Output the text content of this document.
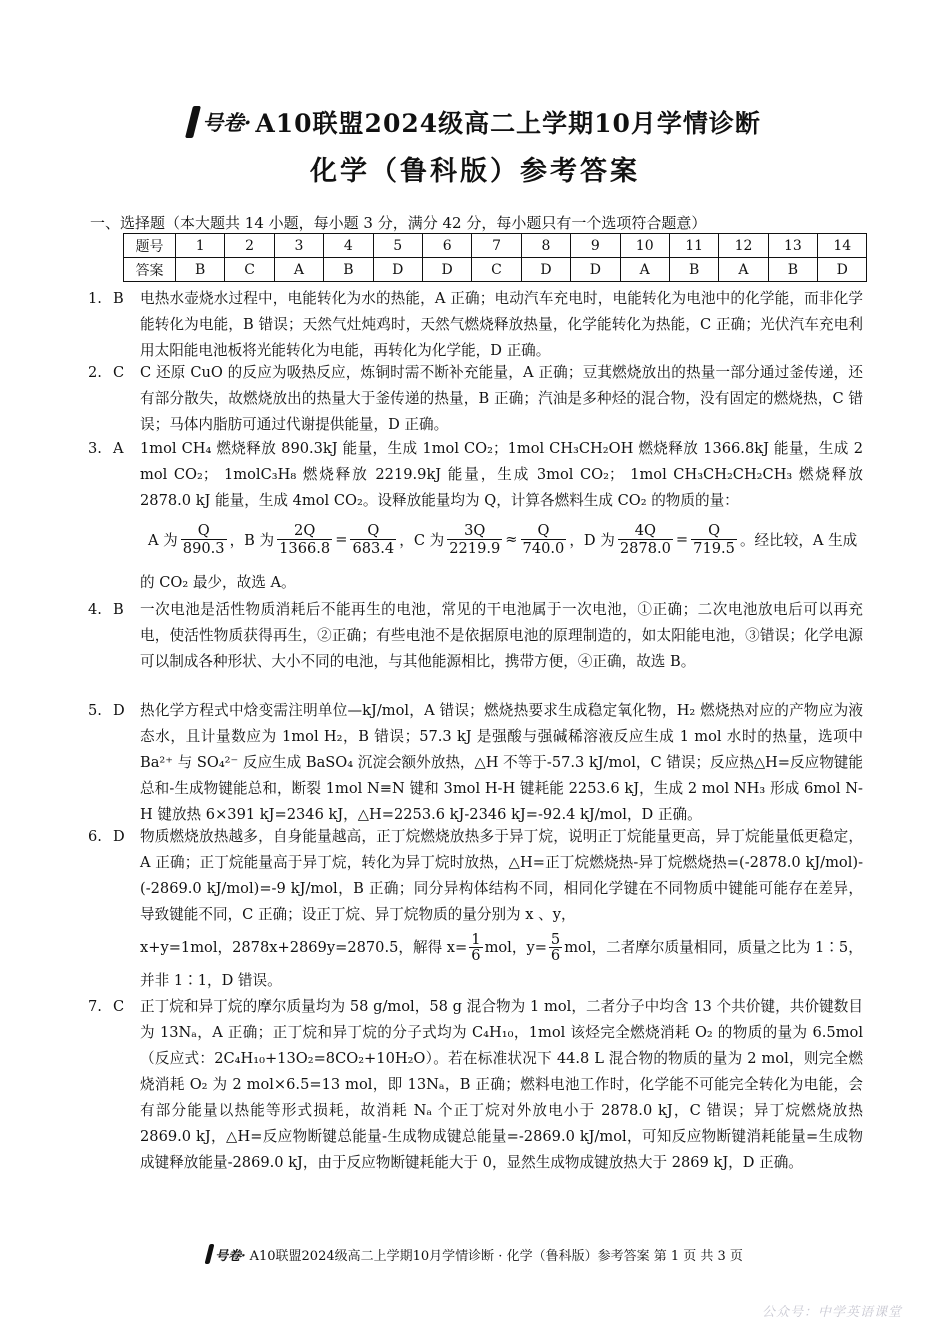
号卷· A10联盟2024级高二上学期10月学情诊断
化学（鲁科版）参考答案
一、选择题（本大题共 14 小题，每小题 3 分，满分 42 分，每小题只有一个选项符合题意）
题号	1	2	3	4	5	6	7	8	9	10	11	12	13	14
答案	B	C	A	B	D	D	C	D	D	A	B	A	B	D
1. B 电热水壶烧水过程中，电能转化为水的热能，A 正确；电动汽车充电时，电能转化为电池中的化学能，而非化学能转化为电能，B 错误；天然气灶炖鸡时，天然气燃烧释放热量，化学能转化为热能，C 正确；光伏汽车充电利用太阳能电池板将光能转化为电能，再转化为化学能，D 正确。
2. C C 还原 CuO 的反应为吸热反应，炼铜时需不断补充能量，A 正确；豆萁燃烧放出的热量一部分通过釜传递，还有部分散失，故燃烧放出的热量大于釜传递的热量，B 正确；汽油是多种烃的混合物，没有固定的燃烧热，C 错误；马体内脂肪可通过代谢提供能量，D 正确。
3. A 1mol CH₄ 燃烧释放 890.3kJ 能量，生成 1mol CO₂；1mol CH₃CH₂OH 燃烧释放 1366.8kJ 能量，生成 2 mol CO₂； 1molC₃H₈ 燃烧释放 2219.9kJ 能量，生成 3mol CO₂； 1mol CH₃CH₂CH₂CH₃ 燃烧释放 2878.0 kJ 能量，生成 4mol CO₂。设释放能量均为 Q，计算各燃料生成 CO₂ 的物质的量：
A 为 $\frac{Q}{890.3}$ ，B 为 $\frac{2Q}{1366.8} = \frac{Q}{683.4}$ ，C 为 $\frac{3Q}{2219.9} \approx \frac{Q}{740.0}$ ，D 为 $\frac{4Q}{2878.0} = \frac{Q}{719.5}$ 。经比较，A 生成
的 CO₂ 最少，故选 A。
4. B 一次电池是活性物质消耗后不能再生的电池，常见的干电池属于一次电池，①正确；二次电池放电后可以再充电，使活性物质获得再生，②正确；有些电池不是依据原电池的原理制造的，如太阳能电池，③错误；化学电源可以制成各种形状、大小不同的电池，与其他能源相比，携带方便，④正确，故选 B。
5. D 热化学方程式中焓变需注明单位—kJ/mol，A 错误；燃烧热要求生成稳定氧化物，H₂ 燃烧热对应的产物应为液态水，且计量数应为 1mol H₂，B 错误；57.3 kJ 是强酸与强碱稀溶液反应生成 1 mol 水时的热量，选项中 Ba²⁺ 与 SO₄²⁻ 反应生成 BaSO₄ 沉淀会额外放热，△H 不等于-57.3 kJ/mol，C 错误；反应热△H=反应物键能总和-生成物键能总和，断裂 1mol N≡N 键和 3mol H-H 键耗能 2253.6 kJ，生成 2 mol NH₃ 形成 6mol N-H 键放热 6×391 kJ=2346 kJ，△H=2253.6 kJ-2346 kJ=-92.4 kJ/mol，D 正确。
6. D 物质燃烧放热越多，自身能量越高，正丁烷燃烧放热多于异丁烷，说明正丁烷能量更高，异丁烷能量低更稳定，A 正确；正丁烷能量高于异丁烷，转化为异丁烷时放热，△H=正丁烷燃烧热-异丁烷燃烧热=(-2878.0 kJ/mol)-(-2869.0 kJ/mol)=-9 kJ/mol，B 正确；同分异构体结构不同，相同化学键在不同物质中键能可能存在差异，导致键能不同，C 正确；设正丁烷、异丁烷物质的量分别为 x 、y，
x+y=1mol，2878x+2869y=2870.5，解得 $x= \frac{1}{6}$ mol，$y= \frac{5}{6}$ mol，二者摩尔质量相同，质量之比为 1∶5，
并非 1∶1，D 错误。
7. C 正丁烷和异丁烷的摩尔质量均为 58 g/mol，58 g 混合物为 1 mol，二者分子中均含 13 个共价键，共价键数目为 13Nₐ，A 正确；正丁烷和异丁烷的分子式均为 C₄H₁₀，1mol 该烃完全燃烧消耗 O₂ 的物质的量为 6.5mol（反应式：2C₄H₁₀+13O₂=8CO₂+10H₂O）。若在标准状况下 44.8 L 混合物的物质的量为 2 mol，则完全燃烧消耗 O₂ 为 2 mol×6.5=13 mol，即 13Nₐ，B 正确；燃料电池工作时，化学能不可能完全转化为电能，会有部分能量以热能等形式损耗，故消耗 Nₐ 个正丁烷对外放电小于 2878.0 kJ，C 错误；异丁烷燃烧放热 2869.0 kJ，△H=反应物断键总能量-生成物成键总能量=-2869.0 kJ/mol，可知反应物断键消耗能量=生成物成键释放能量-2869.0 kJ，由于反应物断键耗能大于 0，显然生成物成键放热大于 2869 kJ，D 正确。
号卷· A10联盟2024级高二上学期10月学情诊断 · 化学（鲁科版）参考答案 第 1 页 共 3 页
公众号：中学英语课堂
